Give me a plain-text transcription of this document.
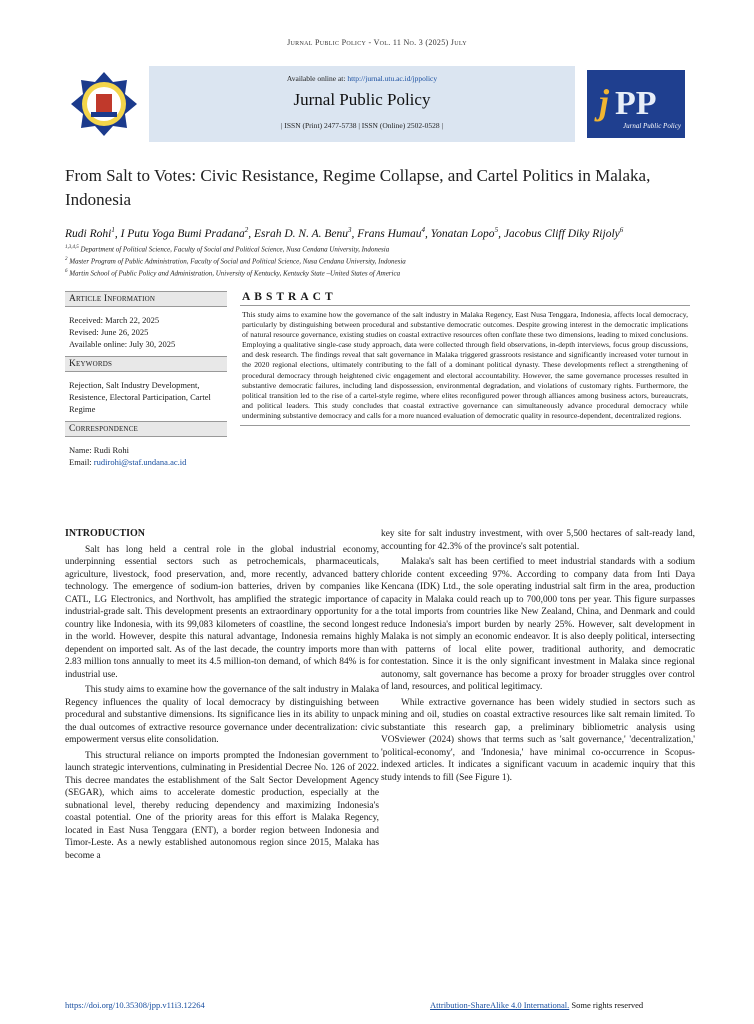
Jurnal Public Policy - Vol. 11 No. 3 (2025) July
Available online at: http://jurnal.utu.ac.id/jppolicy
Jurnal Public Policy
| ISSN (Print) 2477-5738 | ISSN (Online) 2502-0528 |
j PP
Jurnal Public Policy
From Salt to Votes: Civic Resistance, Regime Collapse, and Cartel Politics in Malaka, Indonesia
Rudi Rohi$^1$, I Putu Yoga Bumi Pradana$^2$, Esrah D. N. A. Benu$^3$, Frans Humau$^4$, Yonatan Lopo$^5$, Jacobus Cliff Diky Rijoly$^6$
$^{1,3,4,5}$ Department of Political Science, Faculty of Social and Political Science, Nusa Cendana University, Indonesia
$^2$ Master Program of Public Administration, Faculty of Social and Political Science, Nusa Cendana University, Indonesia
$^6$ Martin School of Public Policy and Administration, University of Kentucky, Kentucky State –United States of America
Article Information
Received: March 22, 2025
Revised: June 26, 2025
Available online: July 30, 2025
Keywords
Rejection, Salt Industry Development, Resistence, Electoral Participation, Cartel Regime
Correspondence
Name: Rudi Rohi
Email: rudirohi@staf.undana.ac.id
ABSTRACT
This study aims to examine how the governance of the salt industry in Malaka Regency, East Nusa Tenggara, Indonesia, affects local democracy, particularly by distinguishing between procedural and substantive democratic outcomes. Despite growing interest in the democratic implications of natural resource governance, existing studies on coastal extractive resources often conflate these two dimensions, leading to mixed conclusions. Employing a qualitative single-case study approach, data were collected through field observations, in-depth interviews, focus group discussions, and desk research. The findings reveal that salt governance in Malaka triggered grassroots resistance and significantly increased voter turnout in the 2020 regional elections, ultimately contributing to the fall of a dominant political dynasty. These developments reflect a strengthening of procedural democracy through heightened civic engagement and electoral accountability. However, the same governance processes resulted in substantive democratic failures, including land dispossession, environmental degradation, and violations of customary rights. Furthermore, the political transition led to the rise of a cartel-style regime, where elites reconfigured power through alliances among business actors, bureaucrats, and political leaders. This study concludes that coastal extractive governance can simultaneously advance procedural democracy while undermining substantive democracy and calls for a more nuanced evaluation of democratic quality in resource-dependent, decentralized regions.
INTRODUCTION

Salt has long held a central role in the global industrial economy, underpinning essential sectors such as petrochemicals, pharmaceuticals, agriculture, livestock, food preservation, and, more recently, advanced battery technology. The emergence of sodium-ion batteries, driven by companies like CATL, LG Electronics, and Northvolt, has amplified the strategic importance of industrial-grade salt. This development presents an extraordinary opportunity for a country like Indonesia, with its 99,083 kilometers of coastline, the second longest in the world. However, despite this natural advantage, Indonesia remains highly dependent on imported salt. As of the last decade, the country imports more than 2.83 million tons annually to meet its 4.5 million-ton demand, of which 84% is for industrial use.

This study aims to examine how the governance of the salt industry in Malaka Regency influences the quality of local democracy by distinguishing between procedural and substantive dimensions. Its significance lies in its ability to unpack the dual outcomes of extractive resource governance under decentralization: civic empowerment versus elite consolidation.

This structural reliance on imports prompted the Indonesian government to launch strategic interventions, culminating in Presidential Decree No. 126 of 2022. This decree mandates the establishment of the Salt Sector Development Agency (SEGAR), which aims to accelerate domestic production, especially at the subnational level, thereby reducing dependency and maximizing Indonesia's coastal potential. One of the priority areas for this effort is Malaka Regency, located in East Nusa Tenggara (ENT), a border region between Indonesia and Timor-Leste. As a newly established autonomous region since 2015, Malaka has become a

key site for salt industry investment, with over 5,500 hectares of salt-ready land, accounting for 42.3% of the province's salt potential.

Malaka's salt has been certified to meet industrial standards with a sodium chloride content exceeding 97%. According to company data from Inti Daya Kencana (IDK) Ltd., the sole operating industrial salt firm in the area, production capacity in Malaka could reach up to 700,000 tons per year. This figure surpasses the total imports from countries like New Zealand, China, and Denmark and could reduce Indonesia's import burden by nearly 25%. However, salt development in Malaka is not simply an economic endeavor. It is also deeply political, intersecting with patterns of local elite power, traditional authority, and democratic contestation. Since it is the only significant investment in Malaka since regional autonomy, salt governance has become a proxy for broader struggles over control of land, resources, and political legitimacy.

While extractive governance has been widely studied in sectors such as mining and oil, studies on coastal extractive resources like salt remain limited. To substantiate this research gap, a preliminary bibliometric analysis using VOSviewer (2024) shows that terms such as 'salt governance,' 'decentralization,' 'political-economy', and 'Indonesia,' have minimal co-occurrence in Scopus-indexed articles. It indicates a significant vacuum in academic inquiry that this study intends to fill (See Figure 1).

https://doi.org/10.35308/jpp.v11i3.12264	Attribution-ShareAlike 4.0 International. Some rights reserved
